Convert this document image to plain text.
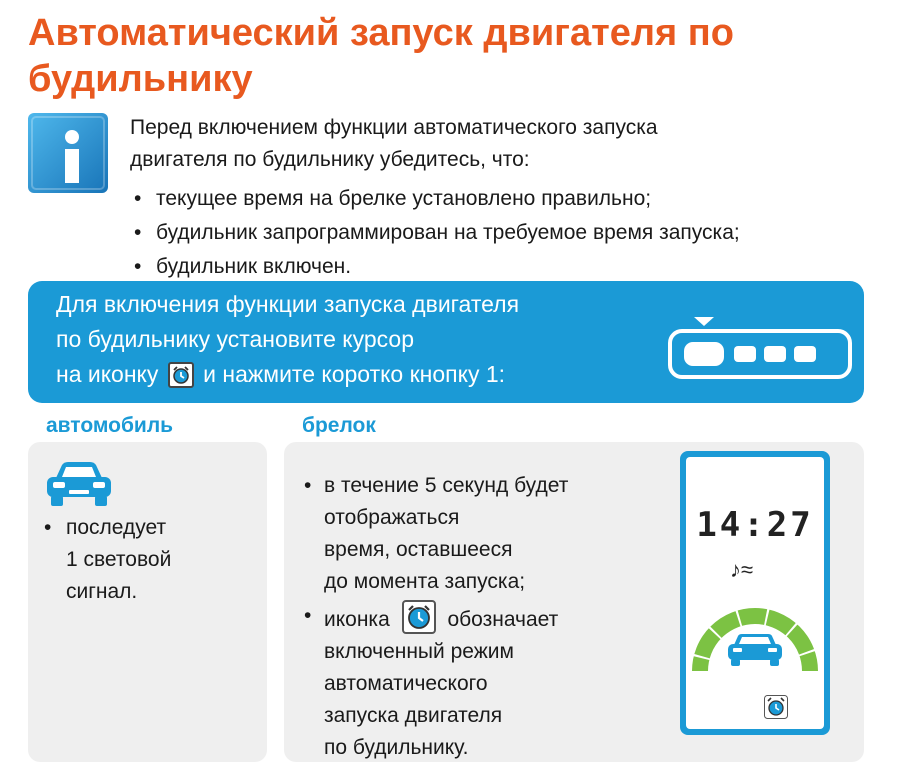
Автоматический запуск двигателя по будильнику
Перед включением функции автоматического запуска
двигателя по будильнику убедитесь, что:
• текущее время на брелке установлено правильно;
• будильник запрограммирован на требуемое время запуска;
• будильник включен.
Для включения функции запуска двигателя
по будильнику установите курсор
на иконку и нажмите коротко кнопку 1:
автомобиль	брелок
• последует
1 световой
сигнал.
• в течение 5 секунд будет
отображаться
время, оставшееся
до момента запуска;
• иконка	обозначает
включенный режим
автоматического
запуска двигателя
по будильнику.
14:27
♪≈
